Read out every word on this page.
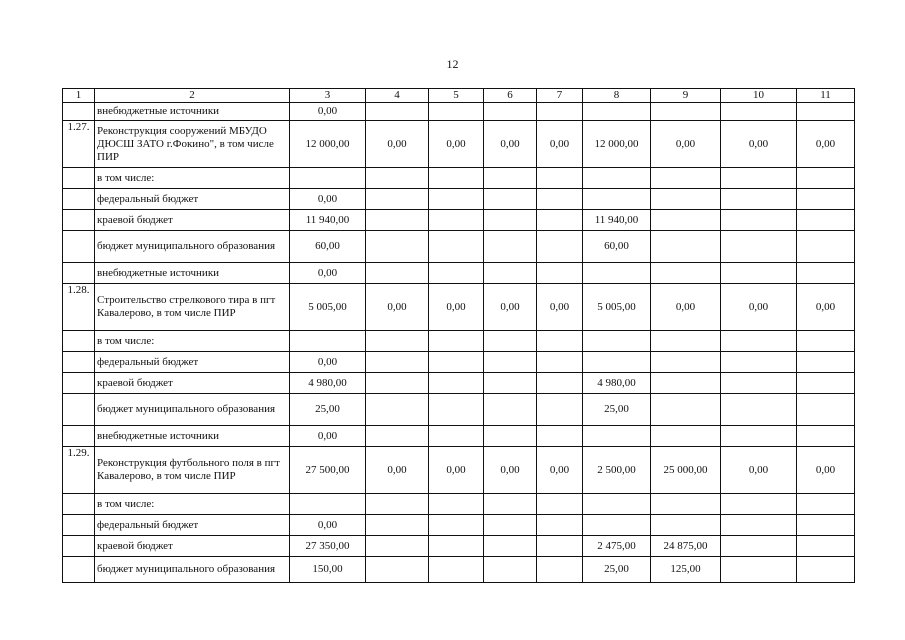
12
1	2	3	4	5	6	7	8	9	10	11
	внебюджетные источники	0,00								
1.27.	Реконструкция сооружений МБУДО ДЮСШ ЗАТО г.Фокино", в том числе ПИР	12 000,00	0,00	0,00	0,00	0,00	12 000,00	0,00	0,00	0,00
	в том числе:									
	федеральный бюджет	0,00								
	краевой бюджет	11 940,00					11 940,00			
	бюджет муниципального образования	60,00					60,00			
	внебюджетные источники	0,00								
1.28.	Строительство стрелкового тира в пгт Кавалерово, в том числе ПИР	5 005,00	0,00	0,00	0,00	0,00	5 005,00	0,00	0,00	0,00
	в том числе:									
	федеральный бюджет	0,00								
	краевой бюджет	4 980,00					4 980,00			
	бюджет муниципального образования	25,00					25,00			
	внебюджетные источники	0,00								
1.29.	Реконструкция футбольного поля в пгт Кавалерово, в том числе ПИР	27 500,00	0,00	0,00	0,00	0,00	2 500,00	25 000,00	0,00	0,00
	в том числе:									
	федеральный бюджет	0,00								
	краевой бюджет	27 350,00					2 475,00	24 875,00		
	бюджет муниципального образования	150,00					25,00	125,00		
